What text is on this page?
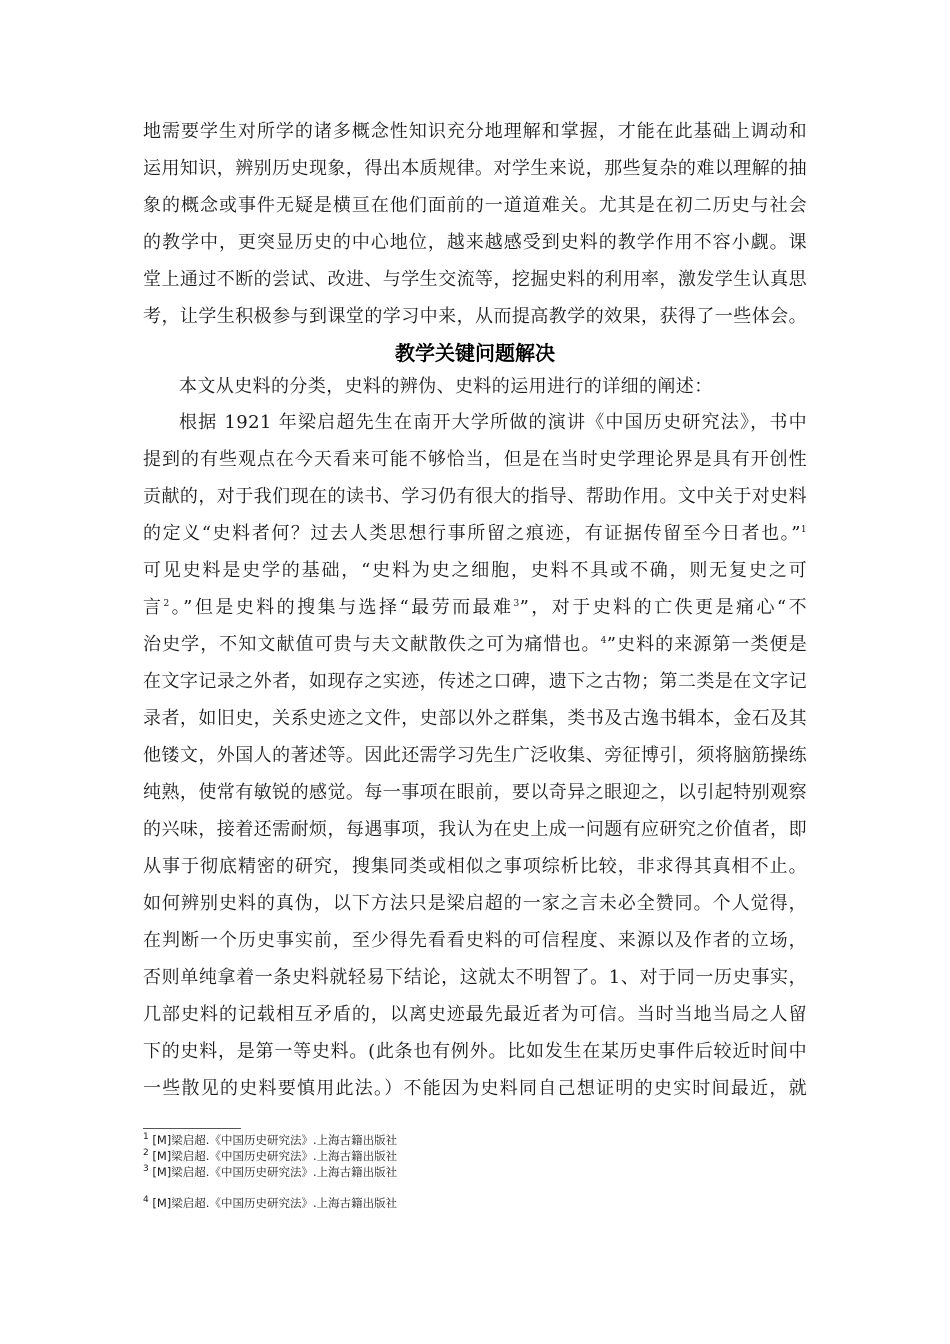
地需要学生对所学的诸多概念性知识充分地理解和掌握，才能在此基础上调动和
运用知识，辨别历史现象，得出本质规律。对学生来说，那些复杂的难以理解的抽
象的概念或事件无疑是横亘在他们面前的一道道难关。尤其是在初二历史与社会
的教学中，更突显历史的中心地位，越来越感受到史料的教学作用不容小觑。课
堂上通过不断的尝试、改进、与学生交流等，挖掘史料的利用率，激发学生认真思
考，让学生积极参与到课堂的学习中来，从而提高教学的效果，获得了一些体会。
教学关键问题解决
本文从史料的分类，史料的辨伪、史料的运用进行的详细的阐述：
根据 1921 年梁启超先生在南开大学所做的演讲《中国历史研究法》，书中
提到的有些观点在今天看来可能不够恰当，但是在当时史学理论界是具有开创性
贡献的，对于我们现在的读书、学习仍有很大的指导、帮助作用。文中关于对史料
的定义“史料者何？过去人类思想行事所留之痕迹，有证据传留至今日者也。”$^1$
可见史料是史学的基础，“史料为史之细胞，史料不具或不确，则无复史之可
言$^2$。”但是史料的搜集与选择“最劳而最难$^3$”，对于史料的亡佚更是痛心“不
治史学，不知文献值可贵与夫文献散佚之可为痛惜也。$^4$”史料的来源第一类便是
在文字记录之外者，如现存之实迹，传述之口碑，遗下之古物；第二类是在文字记
录者，如旧史，关系史迹之文件，史部以外之群集，类书及古逸书辑本，金石及其
他镂文，外国人的著述等。因此还需学习先生广泛收集、旁征博引，须将脑筋操练
纯熟，使常有敏锐的感觉。每一事项在眼前，要以奇异之眼迎之，以引起特别观察
的兴味，接着还需耐烦，每遇事项，我认为在史上成一问题有应研究之价值者，即
从事于彻底精密的研究，搜集同类或相似之事项综析比较，非求得其真相不止。
如何辨别史料的真伪，以下方法只是梁启超的一家之言未必全赞同。个人觉得，
在判断一个历史事实前，至少得先看看史料的可信程度、来源以及作者的立场，
否则单纯拿着一条史料就轻易下结论，这就太不明智了。1、对于同一历史事实，
几部史料的记载相互矛盾的，以离史迹最先最近者为可信。当时当地当局之人留
下的史料，是第一等史料。(此条也有例外。比如发生在某历史事件后较近时间中
一些散见的史料要慎用此法。）不能因为史料同自己想证明的史实时间最近，就
$^1$ [M]梁启超.《中国历史研究法》.上海古籍出版社
$^2$ [M]梁启超.《中国历史研究法》.上海古籍出版社
$^3$ [M]梁启超.《中国历史研究法》.上海古籍出版社
$^4$ [M]梁启超.《中国历史研究法》.上海古籍出版社
